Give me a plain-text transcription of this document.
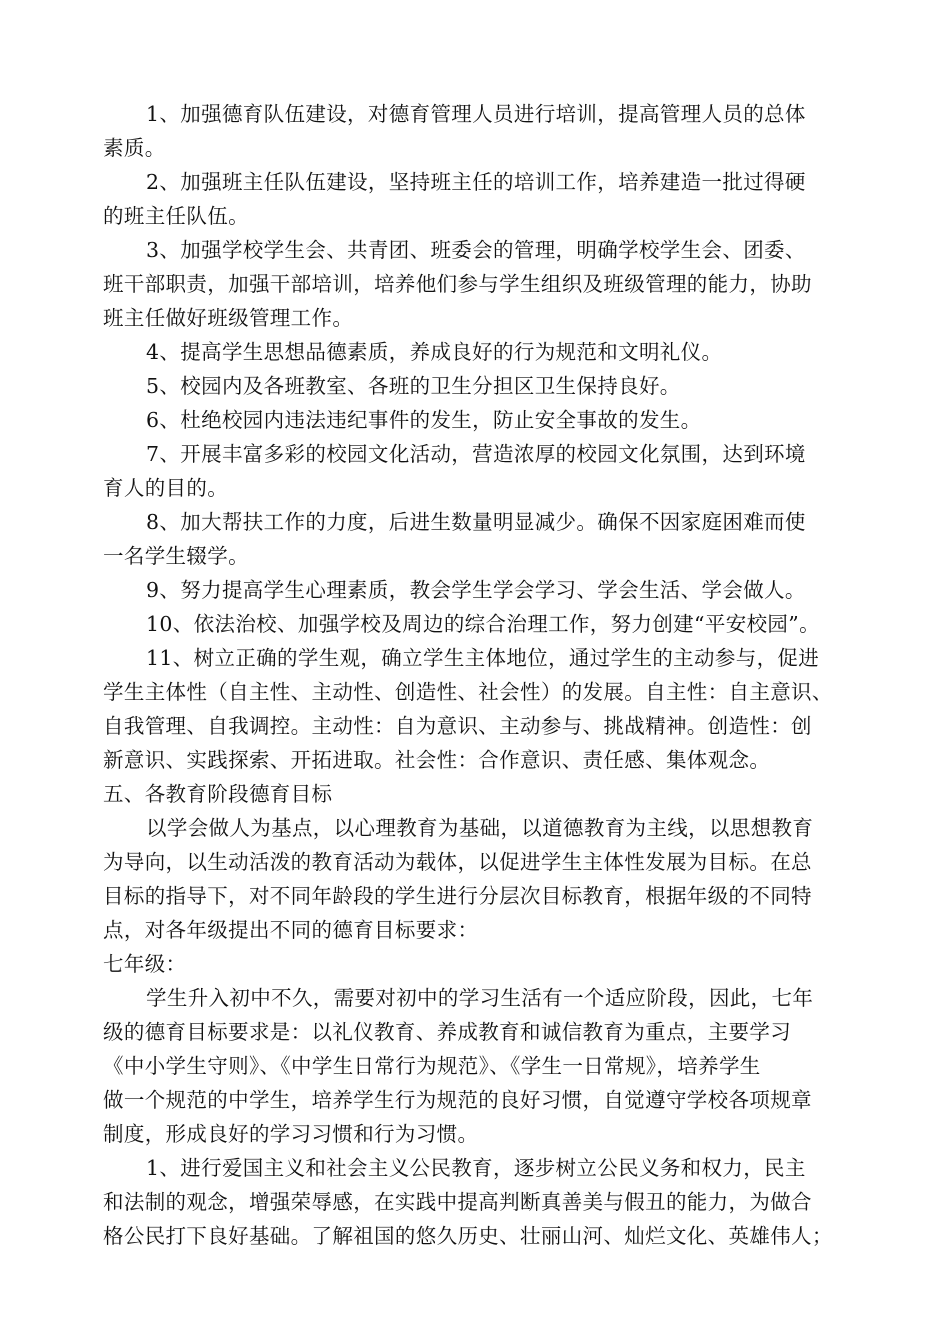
1、加强德育队伍建设，对德育管理人员进行培训，提高管理人员的总体
素质。
2、加强班主任队伍建设，坚持班主任的培训工作，培养建造一批过得硬
的班主任队伍。
3、加强学校学生会、共青团、班委会的管理，明确学校学生会、团委、
班干部职责，加强干部培训，培养他们参与学生组织及班级管理的能力，协助
班主任做好班级管理工作。
4、提高学生思想品德素质，养成良好的行为规范和文明礼仪。
5、校园内及各班教室、各班的卫生分担区卫生保持良好。
6、杜绝校园内违法违纪事件的发生，防止安全事故的发生。
7、开展丰富多彩的校园文化活动，营造浓厚的校园文化氛围，达到环境
育人的目的。
8、加大帮扶工作的力度，后进生数量明显减少。确保不因家庭困难而使
一名学生辍学。
9、努力提高学生心理素质，教会学生学会学习、学会生活、学会做人。
10、依法治校、加强学校及周边的综合治理工作，努力创建“平安校园”。
11、树立正确的学生观，确立学生主体地位，通过学生的主动参与，促进
学生主体性（自主性、主动性、创造性、社会性）的发展。自主性：自主意识、
自我管理、自我调控。主动性：自为意识、主动参与、挑战精神。创造性：创
新意识、实践探索、开拓进取。社会性：合作意识、责任感、集体观念。
五、各教育阶段德育目标
以学会做人为基点，以心理教育为基础，以道德教育为主线，以思想教育
为导向，以生动活泼的教育活动为载体，以促进学生主体性发展为目标。在总
目标的指导下，对不同年龄段的学生进行分层次目标教育，根据年级的不同特
点，对各年级提出不同的德育目标要求：
七年级：
学生升入初中不久，需要对初中的学习生活有一个适应阶段，因此，七年
级的德育目标要求是：以礼仪教育、养成教育和诚信教育为重点，主要学习
《中小学生守则》、《中学生日常行为规范》、《学生一日常规》，培养学生
做一个规范的中学生，培养学生行为规范的良好习惯，自觉遵守学校各项规章
制度，形成良好的学习习惯和行为习惯。
1、进行爱国主义和社会主义公民教育，逐步树立公民义务和权力，民主
和法制的观念，增强荣辱感，在实践中提高判断真善美与假丑的能力，为做合
格公民打下良好基础。了解祖国的悠久历史、壮丽山河、灿烂文化、英雄伟人；
